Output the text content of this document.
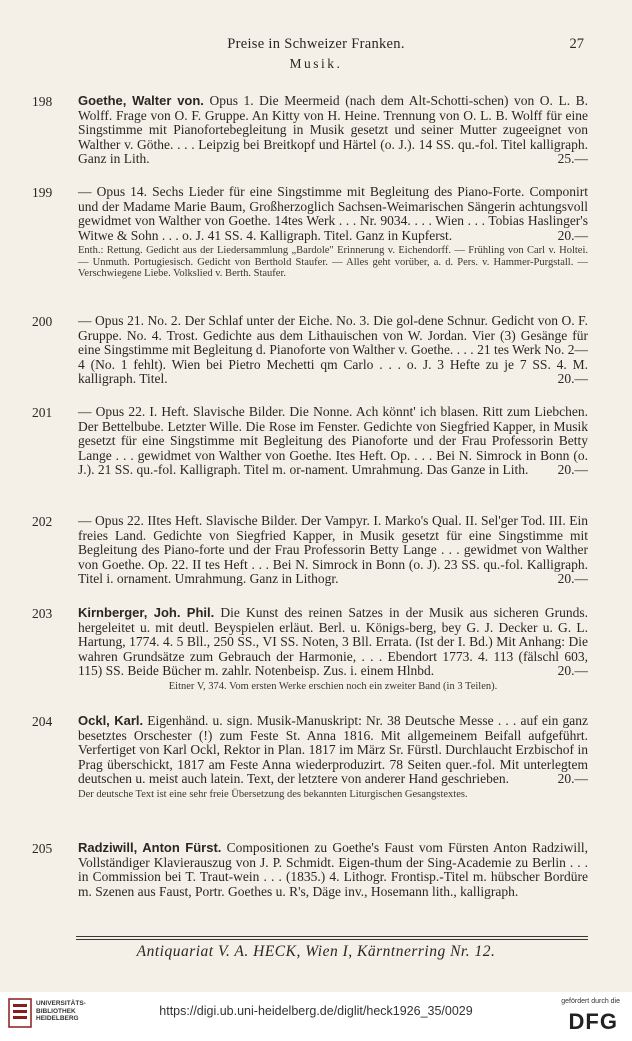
Preise in Schweizer Franken.	27
Musik.
198	Goethe, Walter von. Opus 1. Die Meermeid (nach dem Alt-Schotti-schen) von O. L. B. Wolff. Frage von O. F. Gruppe. An Kitty von H. Heine. Trennung von O. L. B. Wolff für eine Singstimme mit Pianofortebegleitung in Musik gesetzt und seiner Mutter zugeeignet von Walther v. Göthe. . . . Leipzig bei Breitkopf und Härtel (o. J.). 14 SS. qu.-fol. Titel kalligraph. Ganz in Lith.	25.—
199	— Opus 14. Sechs Lieder für eine Singstimme mit Begleitung des Piano-Forte. Componirt und der Madame Marie Baum, Großherzoglich Sachsen-Weimarischen Sängerin achtungsvoll gewidmet von Walther von Goethe. 14tes Werk . . . Nr. 9034. . . . Wien . . . Tobias Haslinger's Witwe & Sohn . . . o. J. 41 SS. 4. Kalligraph. Titel. Ganz in Kupferst.	20.—
Enth.: Rettung. Gedicht aus der Liedersammlung „Bardole" Erinnerung v. Eichendorff. — Frühling von Carl v. Holtei. — Unmuth. Portugiesisch. Gedicht von Berthold Staufer. — Alles geht vorüber, a. d. Pers. v. Hammer-Purgstall. — Verschwiegene Liebe. Volkslied v. Berth. Staufer.
200	— Opus 21. No. 2. Der Schlaf unter der Eiche. No. 3. Die gol-dene Schnur. Gedicht von O. F. Gruppe. No. 4. Trost. Gedichte aus dem Lithauischen von W. Jordan. Vier (3) Gesänge für eine Singstimme mit Begleitung d. Pianoforte von Walther v. Goethe. . . . 21 tes Werk No. 2—4 (No. 1 fehlt). Wien bei Pietro Mechetti qm Carlo . . . o. J. 3 Hefte zu je 7 SS. 4. M. kalligraph. Titel.	20.—
201	— Opus 22. I. Heft. Slavische Bilder. Die Nonne. Ach könnt' ich blasen. Ritt zum Liebchen. Der Bettelbube. Letzter Wille. Die Rose im Fenster. Gedichte von Siegfried Kapper, in Musik gesetzt für eine Singstimme mit Begleitung des Pianoforte und der Frau Professorin Betty Lange . . . gewidmet von Walther von Goethe. Ites Heft. Op. . . . Bei N. Simrock in Bonn (o. J.). 21 SS. qu.-fol. Kalligraph. Titel m. or-nament. Umrahmung. Das Ganze in Lith. 20.—
202	— Opus 22. IItes Heft. Slavische Bilder. Der Vampyr. I. Marko's Qual. II. Sel'ger Tod. III. Ein freies Land. Gedichte von Siegfried Kapper, in Musik gesetzt für eine Singstimme mit Begleitung des Piano-forte und der Frau Professorin Betty Lange . . . gewidmet von Walther von Goethe. Op. 22. II tes Heft . . . Bei N. Simrock in Bonn (o. J). 23 SS. qu.-fol. Kalligraph. Titel i. ornament. Umrahmung. Ganz in Lithogr.	20.—
203	Kirnberger, Joh. Phil. Die Kunst des reinen Satzes in der Musik aus sicheren Grunds. hergeleitet u. mit deutl. Beyspielen erläut. Berl. u. Königs-berg, bey G. J. Decker u. G. L. Hartung, 1774. 4. 5 Bll., 250 SS., VI SS. Noten, 3 Bll. Errata. (Ist der I. Bd.) Mit Anhang: Die wahren Grundsätze zum Gebrauch der Harmonie, . . . Ebendort 1773. 4. 113 (fälschl 603, 115) SS. Beide Bücher m. zahlr. Notenbeisp. Zus. i. einem Hlnbd.	20.—
Eitner V, 374. Vom ersten Werke erschien noch ein zweiter Band (in 3 Teilen).
204	Ockl, Karl. Eigenhänd. u. sign. Musik-Manuskript: Nr. 38 Deutsche Messe . . . auf ein ganz besetztes Orschester (!) zum Feste St. Anna 1816. Mit allgemeinem Beifall aufgeführt. Verfertiget von Karl Ockl, Rektor in Plan. 1817 im März Sr. Fürstl. Durchlaucht Erzbischof in Prag überschickt, 1817 am Feste Anna wiederproduzirt. 78 Seiten quer.-fol. Mit unterlegtem deutschen u. meist auch latein. Text, der letztere von anderer Hand geschrieben.	20.—
Der deutsche Text ist eine sehr freie Übersetzung des bekannten Liturgischen Gesangstextes.
205	Radziwill, Anton Fürst. Compositionen zu Goethe's Faust vom Fürsten Anton Radziwill, Vollständiger Klavierauszug von J. P. Schmidt. Eigen-thum der Sing-Academie zu Berlin . . . in Commission bei T. Traut-wein . . . (1835.) 4. Lithogr. Frontisp.-Titel m. hübscher Bordüre m. Szenen aus Faust, Portr. Goethes u. R's, Däge inv., Hosemann lith., kalligraph.
Antiquariat V. A. HECK, Wien I, Kärntnerring Nr. 12.
UNIVERSITÄTS-
BIBLIOTHEK
HEIDELBERG
https://digi.ub.uni-heidelberg.de/diglit/heck1926_35/0029
gefördert durch die
DFG
